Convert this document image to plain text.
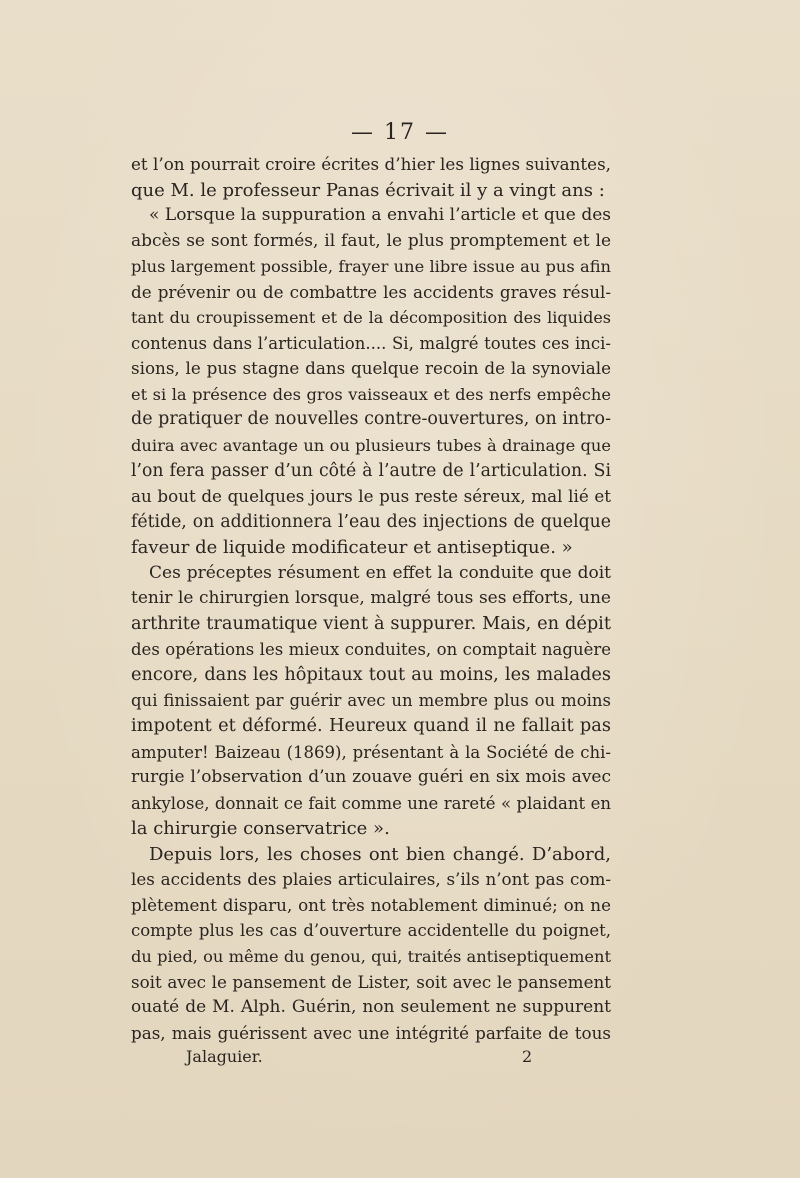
— 17 —
et l’on pourrait croire écrites d’hier les lignes suivantes,
que M. le professeur Panas écrivait il y a vingt ans :
« Lorsque la suppuration a envahi l’article et que des
abcès se sont formés, il faut, le plus promptement et le
plus largement possible, frayer une libre issue au pus afin
de prévenir ou de combattre les accidents graves résul-
tant du croupissement et de la décomposition des liquides
contenus dans l’articulation.... Si, malgré toutes ces inci-
sions, le pus stagne dans quelque recoin de la synoviale
et si la présence des gros vaisseaux et des nerfs empêche
de pratiquer de nouvelles contre-ouvertures, on intro-
duira avec avantage un ou plusieurs tubes à drainage que
l’on fera passer d’un côté à l’autre de l’articulation. Si
au bout de quelques jours le pus reste séreux, mal lié et
fétide, on additionnera l’eau des injections de quelque
faveur de liquide modificateur et antiseptique. »
Ces préceptes résument en effet la conduite que doit
tenir le chirurgien lorsque, malgré tous ses efforts, une
arthrite traumatique vient à suppurer. Mais, en dépit
des opérations les mieux conduites, on comptait naguère
encore, dans les hôpitaux tout au moins, les malades
qui finissaient par guérir avec un membre plus ou moins
impotent et déformé. Heureux quand il ne fallait pas
amputer! Baizeau (1869), présentant à la Société de chi-
rurgie l’observation d’un zouave guéri en six mois avec
ankylose, donnait ce fait comme une rareté « plaidant en
la chirurgie conservatrice ».
Depuis lors, les choses ont bien changé. D’abord,
les accidents des plaies articulaires, s’ils n’ont pas com-
plètement disparu, ont très notablement diminué; on ne
compte plus les cas d’ouverture accidentelle du poignet,
du pied, ou même du genou, qui, traités antiseptiquement
soit avec le pansement de Lister, soit avec le pansement
ouaté de M. Alph. Guérin, non seulement ne suppurent
pas, mais guérissent avec une intégrité parfaite de tous
Jalaguier.	2
